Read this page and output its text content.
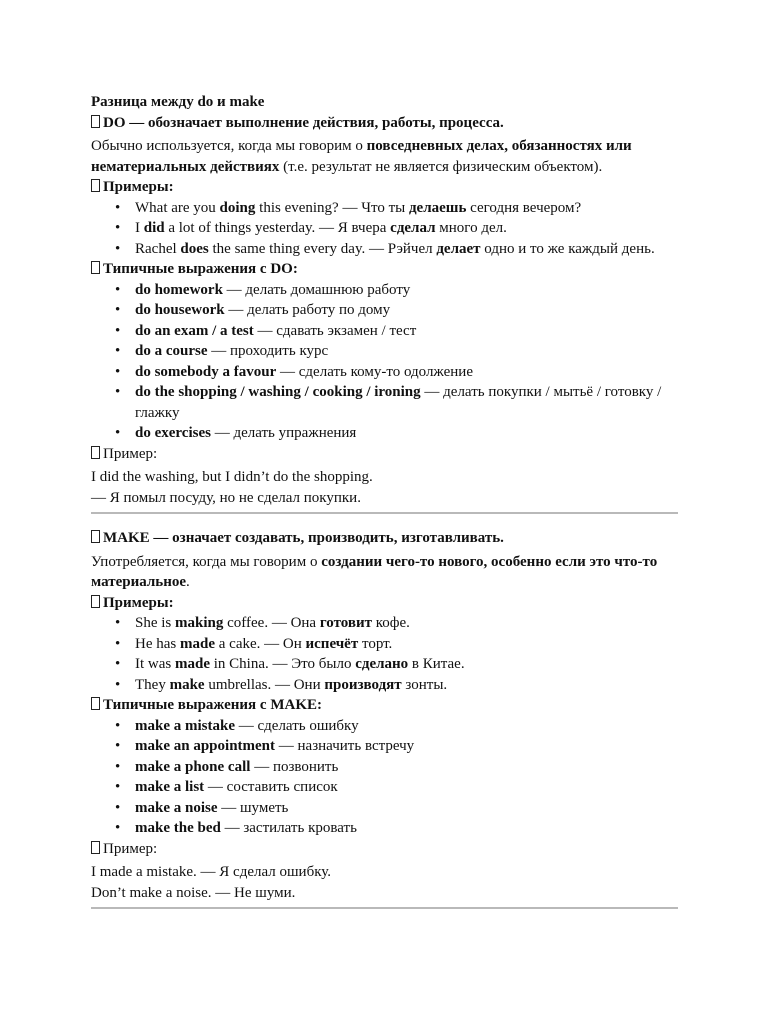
Разница между do и make

DO — обозначает выполнение действия, работы, процесса.

Обычно используется, когда мы говорим о повседневных делах, обязанностях или нематериальных действиях (т.е. результат не является физическим объектом).

Примеры:

• What are you doing this evening? — Что ты делаешь сегодня вечером?
• I did a lot of things yesterday. — Я вчера сделал много дел.
• Rachel does the same thing every day. — Рэйчел делает одно и то же каждый день.

Типичные выражения с DO:

• do homework — делать домашнюю работу
• do housework — делать работу по дому
• do an exam / a test — сдавать экзамен / тест
• do a course — проходить курс
• do somebody a favour — сделать кому-то одолжение
• do the shopping / washing / cooking / ironing — делать покупки / мытьё / готовку / глажку
• do exercises — делать упражнения

Пример:

I did the washing, but I didn’t do the shopping.

— Я помыл посуду, но не сделал покупки.

MAKE — означает создавать, производить, изготавливать.

Употребляется, когда мы говорим о создании чего-то нового, особенно если это что-то материальное.

Примеры:

• She is making coffee. — Она готовит кофе.
• He has made a cake. — Он испечёт торт.
• It was made in China. — Это было сделано в Китае.
• They make umbrellas. — Они производят зонты.

Типичные выражения с MAKE:

• make a mistake — сделать ошибку
• make an appointment — назначить встречу
• make a phone call — позвонить
• make a list — составить список
• make a noise — шуметь
• make the bed — застилать кровать

Пример:

I made a mistake. — Я сделал ошибку.

Don’t make a noise. — Не шуми.
